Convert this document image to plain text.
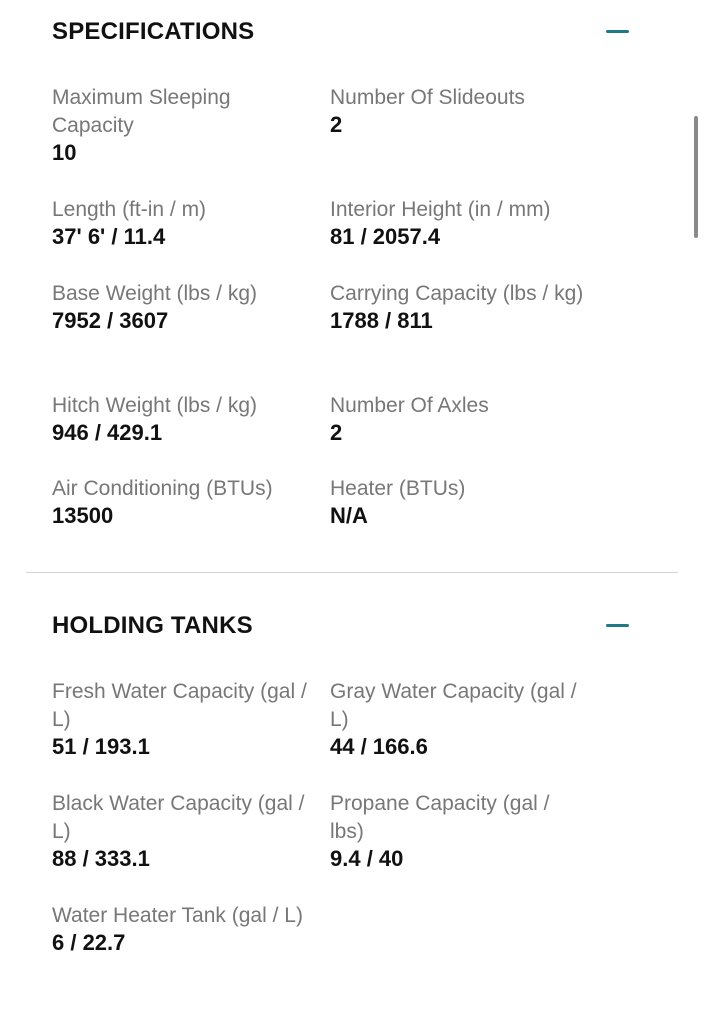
SPECIFICATIONS
Maximum Sleeping Capacity
10
Number Of Slideouts
2
Length (ft-in / m)
37' 6' / 11.4
Interior Height (in / mm)
81 / 2057.4
Base Weight (lbs / kg)
7952 / 3607
Carrying Capacity (lbs / kg)
1788 / 811
Hitch Weight (lbs / kg)
946 / 429.1
Number Of Axles
2
Air Conditioning (BTUs)
13500
Heater (BTUs)
N/A
HOLDING TANKS
Fresh Water Capacity (gal / L)
51 / 193.1
Gray Water Capacity (gal / L)
44 / 166.6
Black Water Capacity (gal / L)
88 / 333.1
Propane Capacity (gal / lbs)
9.4 / 40
Water Heater Tank (gal / L)
6 / 22.7
